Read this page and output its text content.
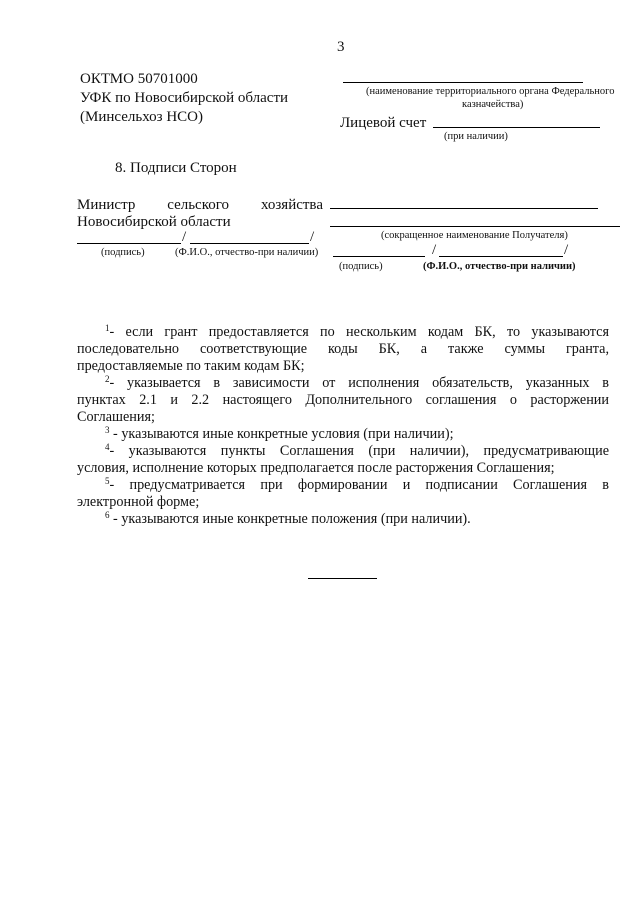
3
ОКТМО 50701000
УФК по Новосибирской области
(Минсельхоз НСО)
(наименование территориального органа Федерального
казначейства)
Лицевой счет
(при наличии)
8. Подписи Сторон
Министр сельского хозяйства
Новосибирской области
/	/
(подпись)	(Ф.И.О., отчество-при наличии)
(сокращенное наименование Получателя)
/	/
(подпись)	(Ф.И.О., отчество-при наличии)
$^1$- если грант предоставляется по нескольким кодам БК, то указываются
последовательно соответствующие коды БК, а также суммы гранта,
предоставляемые по таким кодам БК;
$^2$- указывается в зависимости от исполнения обязательств, указанных в
пунктах 2.1 и 2.2 настоящего Дополнительного соглашения о расторжении
Соглашения;
$^3$ - указываются иные конкретные условия (при наличии);
$^4$- указываются пункты Соглашения (при наличии), предусматривающие
условия, исполнение которых предполагается после расторжения Соглашения;
$^5$- предусматривается при формировании и подписании Соглашения в
электронной форме;
$^6$ - указываются иные конкретные положения (при наличии).
